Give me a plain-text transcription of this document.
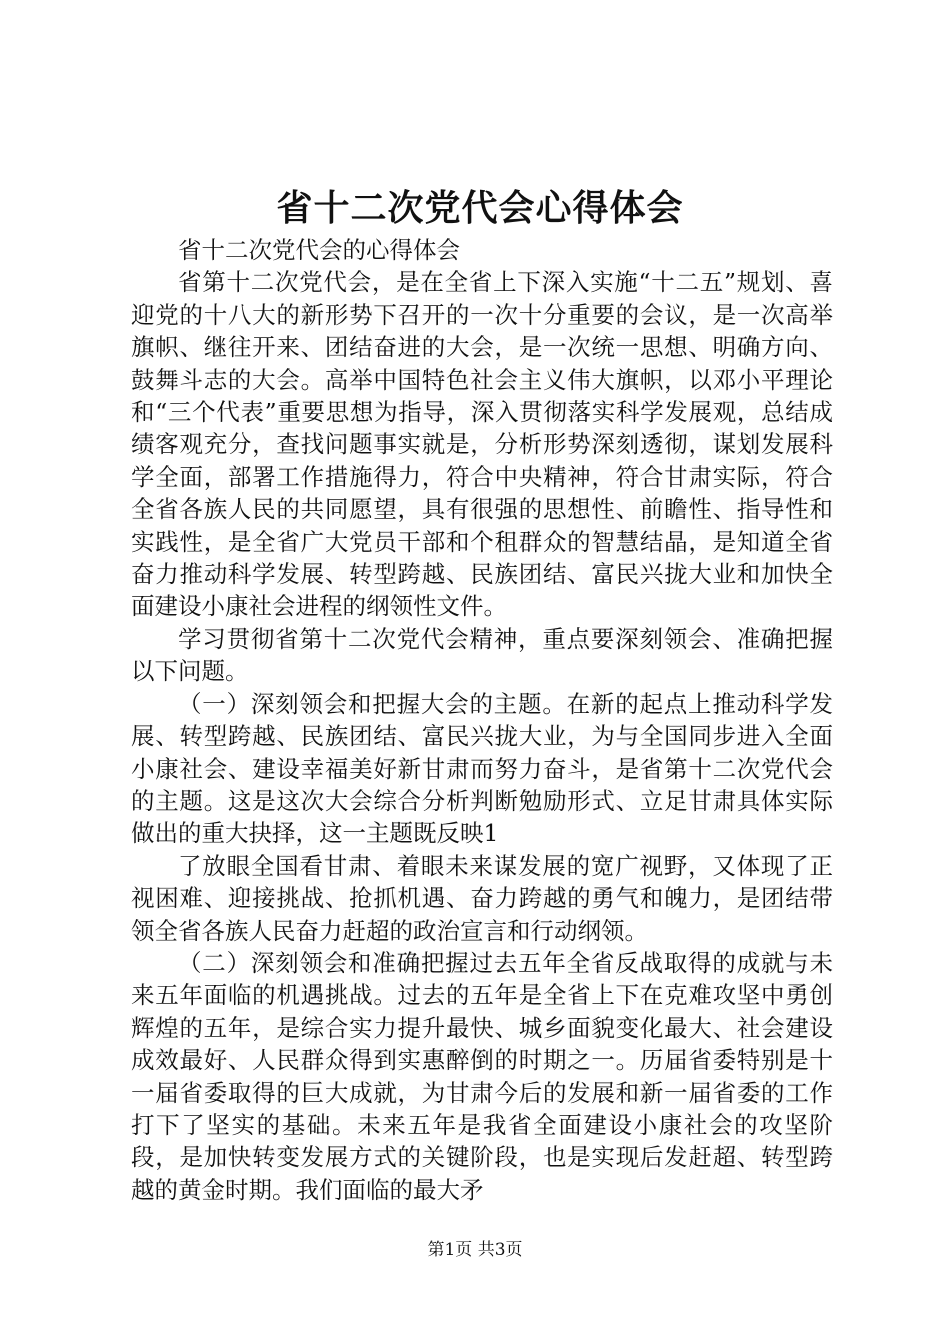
省十二次党代会心得体会

省十二次党代会的心得体会

省第十二次党代会，是在全省上下深入实施“十二五”规划、喜迎党的十八大的新形势下召开的一次十分重要的会议，是一次高举旗帜、继往开来、团结奋进的大会，是一次统一思想、明确方向、鼓舞斗志的大会。高举中国特色社会主义伟大旗帜，以邓小平理论和“三个代表”重要思想为指导，深入贯彻落实科学发展观，总结成绩客观充分，查找问题事实就是，分析形势深刻透彻，谋划发展科学全面，部署工作措施得力，符合中央精神，符合甘肃实际，符合全省各族人民的共同愿望，具有很强的思想性、前瞻性、指导性和实践性，是全省广大党员干部和个租群众的智慧结晶，是知道全省奋力推动科学发展、转型跨越、民族团结、富民兴拢大业和加快全面建设小康社会进程的纲领性文件。

学习贯彻省第十二次党代会精神，重点要深刻领会、准确把握以下问题。

（一）深刻领会和把握大会的主题。在新的起点上推动科学发展、转型跨越、民族团结、富民兴拢大业，为与全国同步进入全面小康社会、建设幸福美好新甘肃而努力奋斗，是省第十二次党代会的主题。这是这次大会综合分析判断勉励形式、立足甘肃具体实际做出的重大抉择，这一主题既反映1

了放眼全国看甘肃、着眼未来谋发展的宽广视野，又体现了正视困难、迎接挑战、抢抓机遇、奋力跨越的勇气和魄力，是团结带领全省各族人民奋力赶超的政治宣言和行动纲领。

（二）深刻领会和准确把握过去五年全省反战取得的成就与未来五年面临的机遇挑战。过去的五年是全省上下在克难攻坚中勇创辉煌的五年，是综合实力提升最快、城乡面貌变化最大、社会建设成效最好、人民群众得到实惠醉倒的时期之一。历届省委特别是十一届省委取得的巨大成就，为甘肃今后的发展和新一届省委的工作打下了坚实的基础。未来五年是我省全面建设小康社会的攻坚阶段，是加快转变发展方式的关键阶段，也是实现后发赶超、转型跨越的黄金时期。我们面临的最大矛

第1页 共3页
